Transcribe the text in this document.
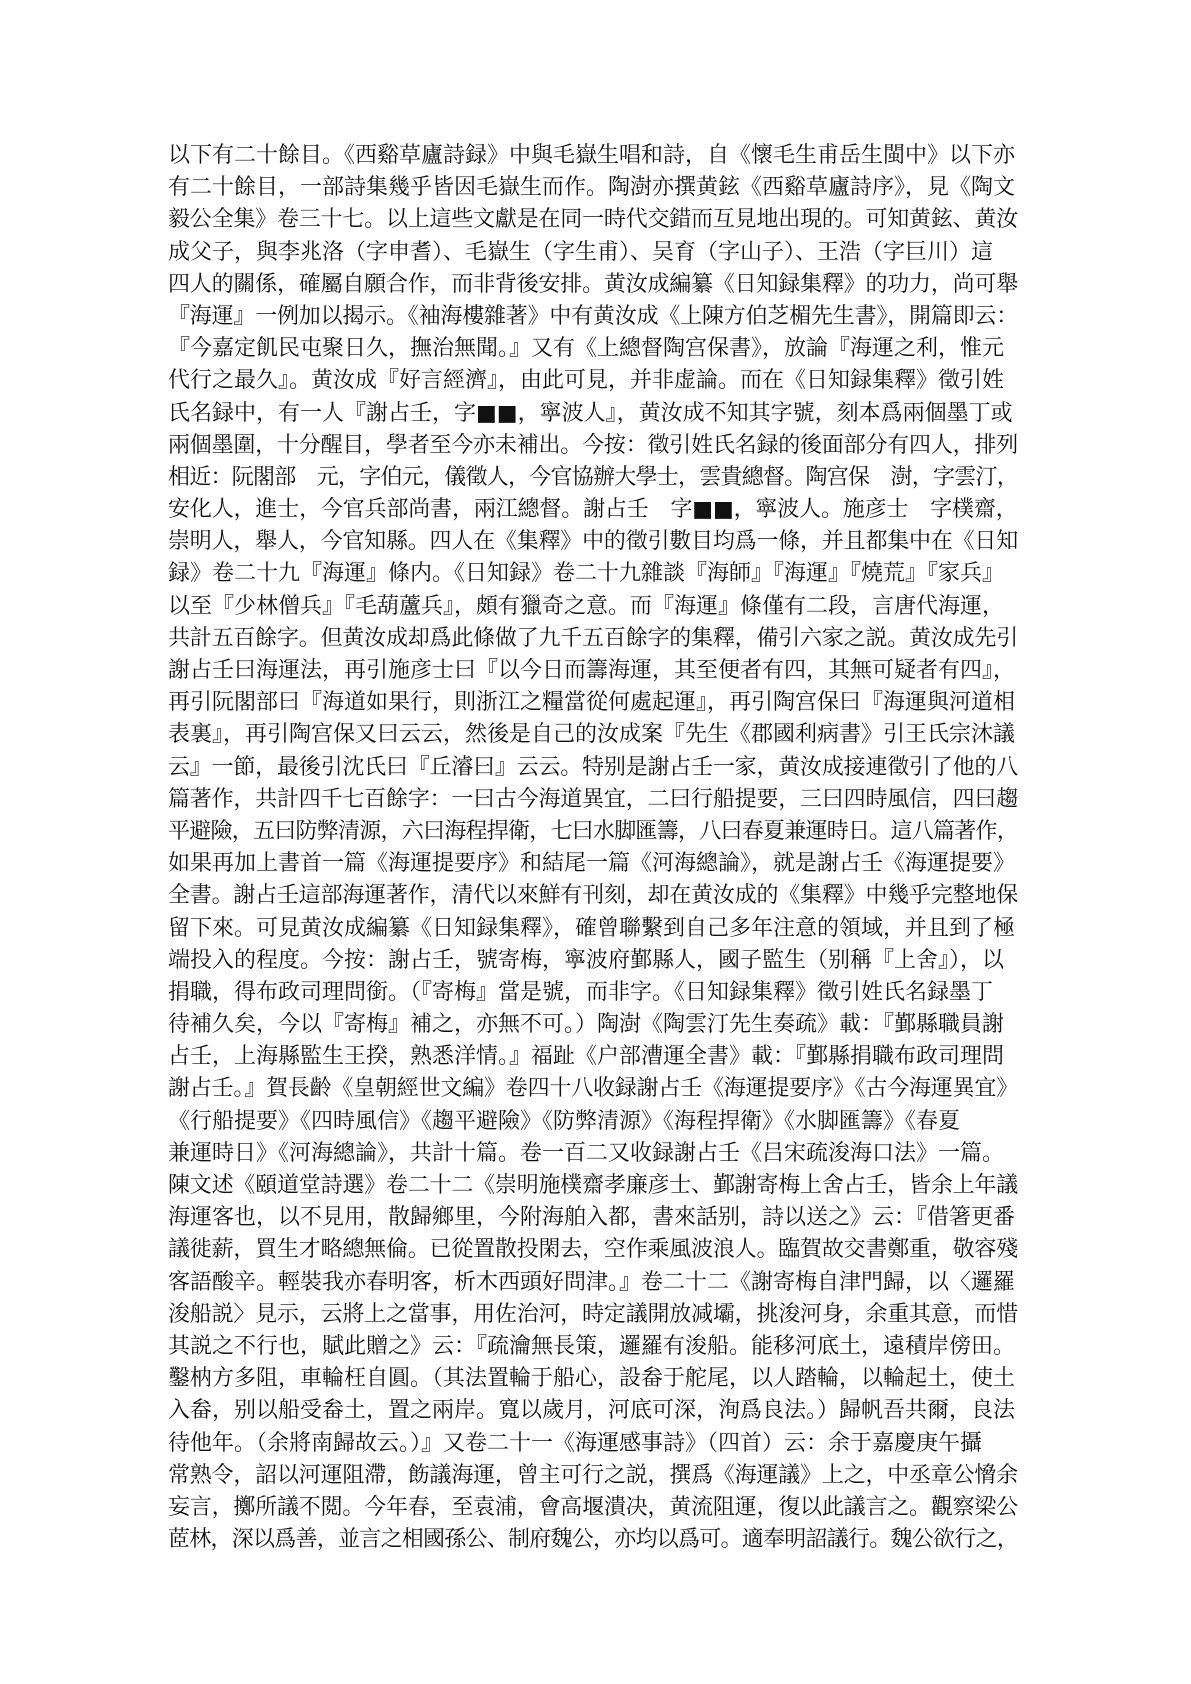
以下有二十餘目。《西谿草廬詩録》中與毛嶽生唱和詩，自《懷毛生甫岳生閩中》以下亦
有二十餘目，一部詩集幾乎皆因毛嶽生而作。陶澍亦撰黄鉉《西谿草廬詩序》，見《陶文
毅公全集》卷三十七。以上這些文獻是在同一時代交錯而互見地出現的。可知黄鉉、黄汝
成父子，與李兆洛（字申耆）、毛嶽生（字生甫）、吴育（字山子）、王浩（字巨川）這
四人的關係，確屬自願合作，而非背後安排。黄汝成編纂《日知録集釋》的功力，尚可舉
『海運』一例加以揭示。《袖海樓雜著》中有黄汝成《上陳方伯芝楣先生書》，開篇即云：
『今嘉定飢民屯聚日久，撫治無聞。』又有《上總督陶宫保書》，放論『海運之利，惟元
代行之最久』。黄汝成『好言經濟』，由此可見，并非虚論。而在《日知録集釋》徵引姓
氏名録中，有一人『謝占壬，字■■，寧波人』，黄汝成不知其字號，刻本爲兩個墨丁或
兩個墨圍，十分醒目，學者至今亦未補出。今按：徵引姓氏名録的後面部分有四人，排列
相近：阮閣部　元，字伯元，儀徵人，今官協辦大學士，雲貴總督。陶宫保　澍，字雲汀，
安化人，進士，今官兵部尚書，兩江總督。謝占壬　字■■，寧波人。施彦士　字樸齋，
崇明人，舉人，今官知縣。四人在《集釋》中的徵引數目均爲一條，并且都集中在《日知
録》卷二十九『海運』條内。《日知録》卷二十九雜談『海師』『海運』『燒荒』『家兵』
以至『少林僧兵』『毛葫蘆兵』，頗有獵奇之意。而『海運』條僅有二段，言唐代海運，
共計五百餘字。但黄汝成却爲此條做了九千五百餘字的集釋，備引六家之説。黄汝成先引
謝占壬曰海運法，再引施彦士曰『以今日而籌海運，其至便者有四，其無可疑者有四』，
再引阮閣部曰『海道如果行，則浙江之糧當從何處起運』，再引陶宫保曰『海運與河道相
表裏』，再引陶宫保又曰云云，然後是自己的汝成案『先生《郡國利病書》引王氏宗沐議
云』一節，最後引沈氏曰『丘濬曰』云云。特别是謝占壬一家，黄汝成接連徵引了他的八
篇著作，共計四千七百餘字：一曰古今海道異宜，二曰行船提要，三曰四時風信，四曰趨
平避險，五曰防弊清源，六曰海程捍衛，七曰水脚匯籌，八曰春夏兼運時日。這八篇著作，
如果再加上書首一篇《海運提要序》和結尾一篇《河海總論》，就是謝占壬《海運提要》
全書。謝占壬這部海運著作，清代以來鮮有刊刻，却在黄汝成的《集釋》中幾乎完整地保
留下來。可見黄汝成編纂《日知録集釋》，確曾聯繫到自己多年注意的領域，并且到了極
端投入的程度。今按：謝占壬，號寄梅，寧波府鄞縣人，國子監生（别稱『上舍』），以
捐職，得布政司理問銜。（『寄梅』當是號，而非字。《日知録集釋》徵引姓氏名録墨丁
待補久矣，今以『寄梅』補之，亦無不可。）陶澍《陶雲汀先生奏疏》載：『鄞縣職員謝
占壬，上海縣監生王揆，熟悉洋情。』福趾《户部漕運全書》載：『鄞縣捐職布政司理問
謝占壬。』賀長齡《皇朝經世文編》卷四十八收録謝占壬《海運提要序》《古今海運異宜》
《行船提要》《四時風信》《趨平避險》《防弊清源》《海程捍衛》《水脚匯籌》《春夏
兼運時日》《河海總論》，共計十篇。卷一百二又收録謝占壬《吕宋疏浚海口法》一篇。
陳文述《頤道堂詩選》卷二十二《崇明施樸齋孝廉彦士、鄞謝寄梅上舍占壬，皆余上年議
海運客也，以不見用，散歸鄉里，今附海舶入都，書來話别，詩以送之》云：『借箸更番
議徙薪，買生才略總無倫。已從置散投閑去，空作乘風波浪人。臨賀故交書鄭重，敬容殘
客語酸辛。輕裝我亦春明客，析木西頭好問津。』卷二十二《謝寄梅自津門歸，以〈邏羅
浚船説〉見示，云將上之當事，用佐治河，時定議開放减壩，挑浚河身，余重其意，而惜
其説之不行也，賦此贈之》云：『疏瀹無長策，邏羅有浚船。能移河底土，遠積岸傍田。
鑿枘方多阻，車輪枉自圓。（其法置輪于船心，設畚于舵尾，以人踏輪，以輪起土，使土
入畚，别以船受畚土，置之兩岸。寬以歲月，河底可深，洵爲良法。）歸帆吾共爾，良法
待他年。（余將南歸故云。）』又卷二十一《海運感事詩》（四首）云：余于嘉慶庚午攝
常熟令，詔以河運阻滯，飭議海運，曾主可行之説，撰爲《海運議》上之，中丞章公愶余
妄言，擲所議不閲。今年春，至袁浦，會高堰潰决，黄流阻運，復以此議言之。觀察梁公
茝林，深以爲善，並言之相國孫公、制府魏公，亦均以爲可。適奉明詔議行。魏公欲行之，
